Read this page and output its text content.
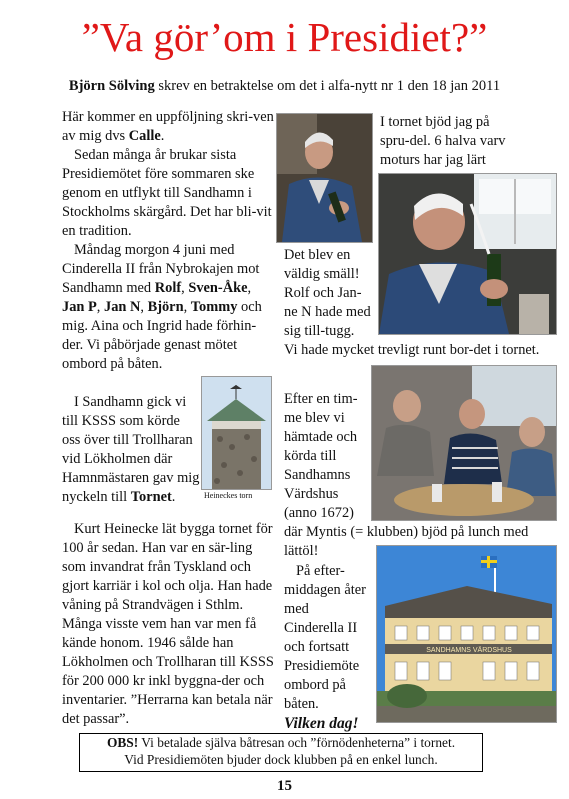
”Va gör’om i Presidiet?”
Björn Sölving skrev en betraktelse om det i alfa-nytt nr 1 den 18 jan 2011

Här kommer en uppföljning skri-ven av mig dvs Calle.

Sedan många år brukar sista Presidiemötet före sommaren ske genom en utflykt till Sandhamn i Stockholms skärgård. Det har bli-vit en tradition.

Måndag morgon 4 juni med Cinderella II från Nybrokajen mot Sandhamn med Rolf, Sven-Åke, Jan P, Jan N, Björn, Tommy och mig. Aina och Ingrid hade förhin-der. Vi påbörjade genast mötet ombord på båten.

I Sandhamn gick vi till KSSS som körde oss över till Trollharan vid Lökholmen där Hamnmästaren gav mig nyckeln till Tornet.	Heineckes torn
Kurt Heinecke lät bygga tornet för 100 år sedan. Han var en sär-ling som invandrat från Tyskland och gjort karriär i kol och olja. Han hade våning på Strandvägen i Sthlm. Många visste vem han var men få kände honom. 1946 sålde han Lökholmen och Trollharan till KSSS för 200 000 kr inkl byggna-der och inventarier. ”Herrarna kan betala när det passar”.
I tornet bjöd jag på spru-del. 6 halva varv moturs har jag lärt
Det blev en väldig smäll! Rolf och Jan-ne N hade med sig till-tugg.
Vi hade mycket trevligt runt bor-det i tornet.
Efter en tim-me blev vi hämtade och körda till Sandhamns Värdshus (anno 1672)
där Myntis (= klubben) bjöd på lunch med lättöl!
SANDHAMNS VÄRDSHUS
På efter-middagen åter med Cinderella II och fortsatt Presidiemöte ombord på båten.
Vilken dag!
OBS! Vi betalade själva båtresan och ”förnödenheterna” i tornet.
Vid Presidiemöten bjuder dock klubben på en enkel lunch.
15
